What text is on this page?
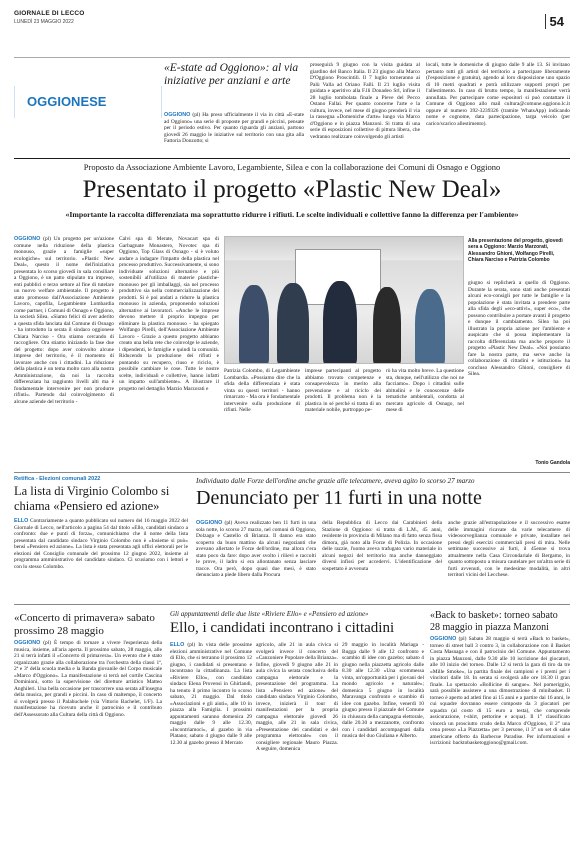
GIORNALE DI LECCO
LUNEDÌ 23 MAGGIO 2022	54
OGGIONESE
«E-state ad Oggiono»: al via iniziative per anziani e arte
OGGIONO (pl) Ha preso ufficialmente il via in città «E-state ad Oggiono» una serie di proposte per grandi e piccini, pensate per il periodo estivo. Per quanto riguarda gli anziani, partono giovedì 26 maggio le iniziative sul territorio con una gita alla Fattoria Donzotto; si
proseguirà 9 giugno con la visita guidata al giardino del Banco Italia. Il 23 giugno alla Marco D'Oggiono Proscintili. Il 7 luglio torneranno ai Palù Valla ad Oriano Falli. Il 21 luglio visita guidata e aperitivo alla F.lli Donadeo Srl, infine il 28 luglio tombolata finale a Pieve del Pecco Ostano Fallai. Per quanto concerne l'arte e la cultura, invece, nel mese di giugno prenderà il via la rassegna «Domeniche d'arte» lungo via Marco d'Oggiono e in piazza Manzoni. Si tratta di una serie di esposizioni collettive di pittura libera, che vedranno realizzare coinvolgendo gli artisti
locali, tutte le domeniche di giugno dalle 9 alle 13. Si invitano pertanto tutti gli artisti del territorio a partecipare liberamente (l'esposizione è gratuita), agendo ai loro disposizione uno spazio di 10 metri quadrati e potrà utilizzare supporti propri per l'allestimento. In caso di brutto tempo, la manifestazione verrà annullata. Per partecipare come espositori si può contattare il Comune di Oggiono allo mail cultura@comune.oggiono.lc.it oppure al numero 392-3239326 (tramite WhatsApp) indicando nome e cognome, data partecipazione, targa veicolo (per carico/scarico allestimento).
Proposto da Associazione Ambiente Lavoro, Legambiente, Silea e con la collaborazione dei Comuni di Osnago e Oggiono
Presentato il progetto «Plastic New Deal»
«Importante la raccolta differenziata ma soprattutto ridurre i rifiuti. Le scelte individuali e collettive fanno la differenza per l'ambiente»
OGGIONO (pl) Un progetto per un'azione comune nella riduzione della plastica monouso, grazie a famiglie «super ecologiche» sul territorio. «Plastic New Deal», questo il nome dell'iniziativa presentata lo scorso giovedì in sala consiliare a Oggiono, è un patto stipulato tra imprese, enti pubblici e terzo settore al fine di tutelare un nuovo welfare ambientale. Il progetto è stato promosso dall'Associazione Ambiente Lavoro, capofila, Legambiente Lombardia come partner, i Comuni di Osnago e Oggiono, la società Silea. «Siamo felici di aver aderito a questa sfida lanciata dal Comune di Osnago - ha introdotto la serata il sindaco oggionese Chiara Narciso - Ora stiamo cercando di raccogliere. Ora stiamo iniziando la fase due del progetto: dopo aver coinvolto alcune imprese del territorio, è il momento di lavorare anche con i cittadini. La riduzione della plastica è un tema molto caro alla nostra Amministrazione, da noi la raccolta differenziata ha raggiunto livelli alti ma è fondamentale intervenire per non produrre rifiuti». Partendo dal coinvolgimento di alcune aziende del territorio -
Calvi spa di Merate, Novacart spa di Garbagnate Monastero, Novotec spa di Oggiono, Top Glass di Osnago - si è voluto andare a indagare l'impatto della plastica nel processo produttivo. Successivamente, si sono individuate soluzioni alternative e più sostenibili all'utilizzo di materie plastiche-monouso per gli imballaggi, sia nel processo produttivo sia nella commercializzazione dei prodotti. Si è poi andati a ridurre la plastica monouso in azienda, proponendo soluzioni alternative ai lavoratori. «Anche le imprese devono mettere il proprio impegno per eliminare la plastica monouso - ha spiegato Wolfango Pirelli, dell'Associazione Ambiente Lavoro - Grazie a questo progetto abbiamo creato una bella rete che coinvolge le aziende, i dipendenti, le famiglie e quindi la comunità. Riducendo la produzione dei rifiuti e puntando su recupero, riuso e riciclo, è possibile cambiare le cose. Tutte le nostre scelte, individuali e collettive, hanno infatti un impatto sull'ambiente». A illustrare il progetto nel dettaglio Marzio Marzorati e
Alla presentazione del progetto, giovedì sera a Oggiono: Marzio Marzorati, Alessandro Ghioni, Wolfango Pirelli, Chiara Narciso e Patrizia Colombo
Patrizia Colombo, di Legambiente Lombardia. «Possiamo dire che la sfida della differenziata è stata vinta su questi territori - hanno rimarcato - Ma ora è fondamentale intervenire sulla produzione di rifiuti. Nelle
imprese partecipanti al progetto abbiamo trovato competenze e consapevolezza in merito alla prevenzione e al riciclo dei prodotti. Il problema non è la plastica in sé perché si tratta di un materiale nobile, purtroppo pe-
rò ha vita molto breve. La questione sta, dunque, nell'utilizzo che noi ne facciamo». Dopo i cittadini sulle abitudini e le conoscenze delle tematiche ambientali, condotta al mercato agricolo di Osnago, nel mese di
giugno si replicherà a quello di Oggiono. Durante la serata, sono stati anche presentati alcuni eco-consigli per tutte le famiglie e la popolazione è stata invitata a prendere parte alla sfida degli «eco-attivi», super eco», che possono contribuire a portare avanti il progetto e dunque il cambiamento. Silea ha poi illustrato la propria azione per l'ambiente e auspicato che si possa implementare la raccolta differenziata ma anche proporre il progetto «Plastic New Deal». «Noi possiamo fare la nostra parte, ma serve anche la collaborazione di cittadini e istituzioni» ha concluso Alessandro Ghioni, consigliere di Silea.
Tonio Gandola
Retifica - Elezioni comunali 2022
La lista di Virginio Colombo si chiama «Pensiero ed azione»
ELLO Contrariamente a quanto pubblicato sul numero del 16 maggio 2022 del Giornale di Lecco, nell'articolo a pagina 54 dal titolo «Ello, candidati sindaco a confronto: due e punti di forza», comunichiamo che il nome della lista presentata dal candidato sindaco Virginio Colombo non è «Insieme si può» bensì «Pensiero ed azione». La lista è stata presentata agli uffici elettorali per le elezioni del Consiglio comunale del prossimo 12 giugno 2022, insieme al programma amministrativo del candidato sindaco. Ci scusiamo con i lettori e con lo stesso Colombo.
Individuato dalle Forze dell'ordine anche grazie alle telecamere, aveva agito lo scorso 27 marzo
Denunciato per 11 furti in una notte
OGGIONO (pl) Aveva realizzato ben 11 furti in una sola notte, lo scorso 27 marzo, nel comuni di Oggiono, Dolzago e Castello di Brianza. Il danno era stato scoperto da buon mattino da alcuni negozianti che avevano allertato le Forze dell'ordine, ma allora c'era stato poco da fare: dopo aver svolto i rilievi e raccolti le prove, il ladro si era allontanato senza lasciare tracce. Ora però, dopo quasi due mesi, è stato denunciato a piede libero dalla Procura
della Repubblica di Lecco dai Carabinieri della Stazione di Oggiono: si tratta di L.M., 45 anni, residente in provincia di Milano ma di fatto senza fissa dimora, già noto alla Forze di Polizia. In occasione delle razzie, l'uomo aveva trafugato vario materiale in alcuni negozi del territorio ma anche danneggiato diversi infissi per accedervi. L'identificazione del sospettato è avvenuta
anche grazie all'estrapolazione e il successivo esame delle immagini ricavate da varie telecamere di videosorveglianza comunale e private, installate nei pressi degli esercizi commerciali presi di mira. Nelle settimane successive ai furti, il 45enne si trova attualmente nella Casa Circondariale di Bergamo, in quanto sottoposto a misura cautelare per un'altra serie di furti avvenuti, con le medesime modalità, in altri territori vicini del Lecchese.
«Concerto di primavera» sabato prossimo 28 maggio
OGGIONO (pl) È tempo di tornare a vivere l'esperienza della musica, insieme, all'aria aperta. Il prossimo sabato, 28 maggio, alle 21 si terrà infatti il «Concerto di primavera». Un evento che è stato organizzato grazie alla collaborazione tra l'orchestra della classi 1ª, 2ª e 3ª della scuola media e la Banda giovanile del Corpo musicale «Marco d'Oggiono». La manifestazione si terrà nel cortile Cascina Dominioni, sotto la supervisione del direttore artistico Matteo Anghileri. Una bella occasione per trascorrere una serata all'insegna della musica, per grandi e piccini. In caso di maltempo, il concerto si svolgerà presso il Palahuchele (via Vittorio Bachelet, 1/F). La manifestazione ha ricevuto anche il patrocinio e il contributo dell'Assessorato alla Cultura della città di Oggiono.
Gli appuntamenti delle due liste «Riviere Ello» e «Pensiero ed azione»
Ello, i candidati incontrano i cittadini
ELLO (pl) In vista delle prossime elezioni amministrative nel Comune di Ello, che si terranno il prossimo 12 giugno, i candidati si presentano e incontrano la cittadinanza. La lista «Riviere Ello», con candidato sindaco Elena Provensi in Ghirlandi, ha tenuto il primo incontro lo scorso sabato, 21 maggio. Dal titolo «Associazioni e gli aiuti», alle 10 in piazza alla Famiglia. I prossimi appuntamenti saranno domenica 29 maggio dalle 9 alle 12.30, «Incontriamoci», al gazebo in via Platano; sabato 4 giugno dalle 9 alle 12.30 al gazebo presso il Mercato
agricolo, alle 21 in aula civica si svolgerà invece il concerto del «Canzoniere Popolare della Brianza». Infine, giovedì 9 giugno alle 21 in aula civica la serata conclusiva della campagna elettorale e la presentazione del programma. La lista «Pensiero ed azione» del candidato sindaco Virginio Colombo, invece, inizierà il tour di manifestazioni per la propria campagna elettorale giovedì 26 maggio, alle 21 in sala civica, «Presentazione dei candidati e del programma elettorale» con il consigliere regionale Mauro Piazza. A seguire, domenica
29 maggio in località Mariaga - Bugga dalle 9 alle 12 confronto e scambio di idee con gazebo; sabato 4 giugno nella piazzetta agricolo dalle 8.30 alle 12.30 «Una scommessa vinta, un'opportunità per i giovani del mondo agricolo e naturale»; domenica 5 giugno in località Maravanga confronto e scambio di idee con gazebo. Infine, venerdì 10 giugno presso il piazzale del Comune in chiusura della campagna elettorale, dalle 20.30 a mezzanotte, confronto con i candidati accompagnati dalla musica del duo Giuliana e Alberto.
«Back to basket»: torneo sabato 28 maggio in piazza Manzoni
OGGIONO (pl) Sabato 28 maggio si terrà «Back to basket», torneo di street ball 3 contro 3, in collaborazione con il Basket Costa Masnaga e con il patrocinio del Comune. Appuntamento in piazza Manzoni, dalle 9.30 alle 10 iscrizione dei giocatori, alle 10 inizio del torneo. Dalle 12 si terrà la gara di tiro da tre «Mille Smoke», la partita finale dei campioni e i premi per i vincitori dalle 18. In serata si svolgerà alle ore 18.30 il gran finale. Lo spettacolo «Bollicine di sangue». Nel pomeriggio, sarà possibile assistere a una dimostrazione di minibasket. Il torneo è aperto ad atleti fino ai 15 anni e a partire dai 16 anni, le cui squadre dovranno essere composte da 3 giocatori per squadra (al costo di 15 euro a testa), che comprende assicurazione, t-shirt, pettorine e acqua). Il 1° classificato vincerà un prosciutto crudo della Marco d'Oggiono, il 2° una cena presso «La Piazzetta» per 3 persone, il 3° un set di salse americane offerto da Barbecue Paradise. Per informazioni e iscrizioni: backtobasketoggiono@gmail.com.
